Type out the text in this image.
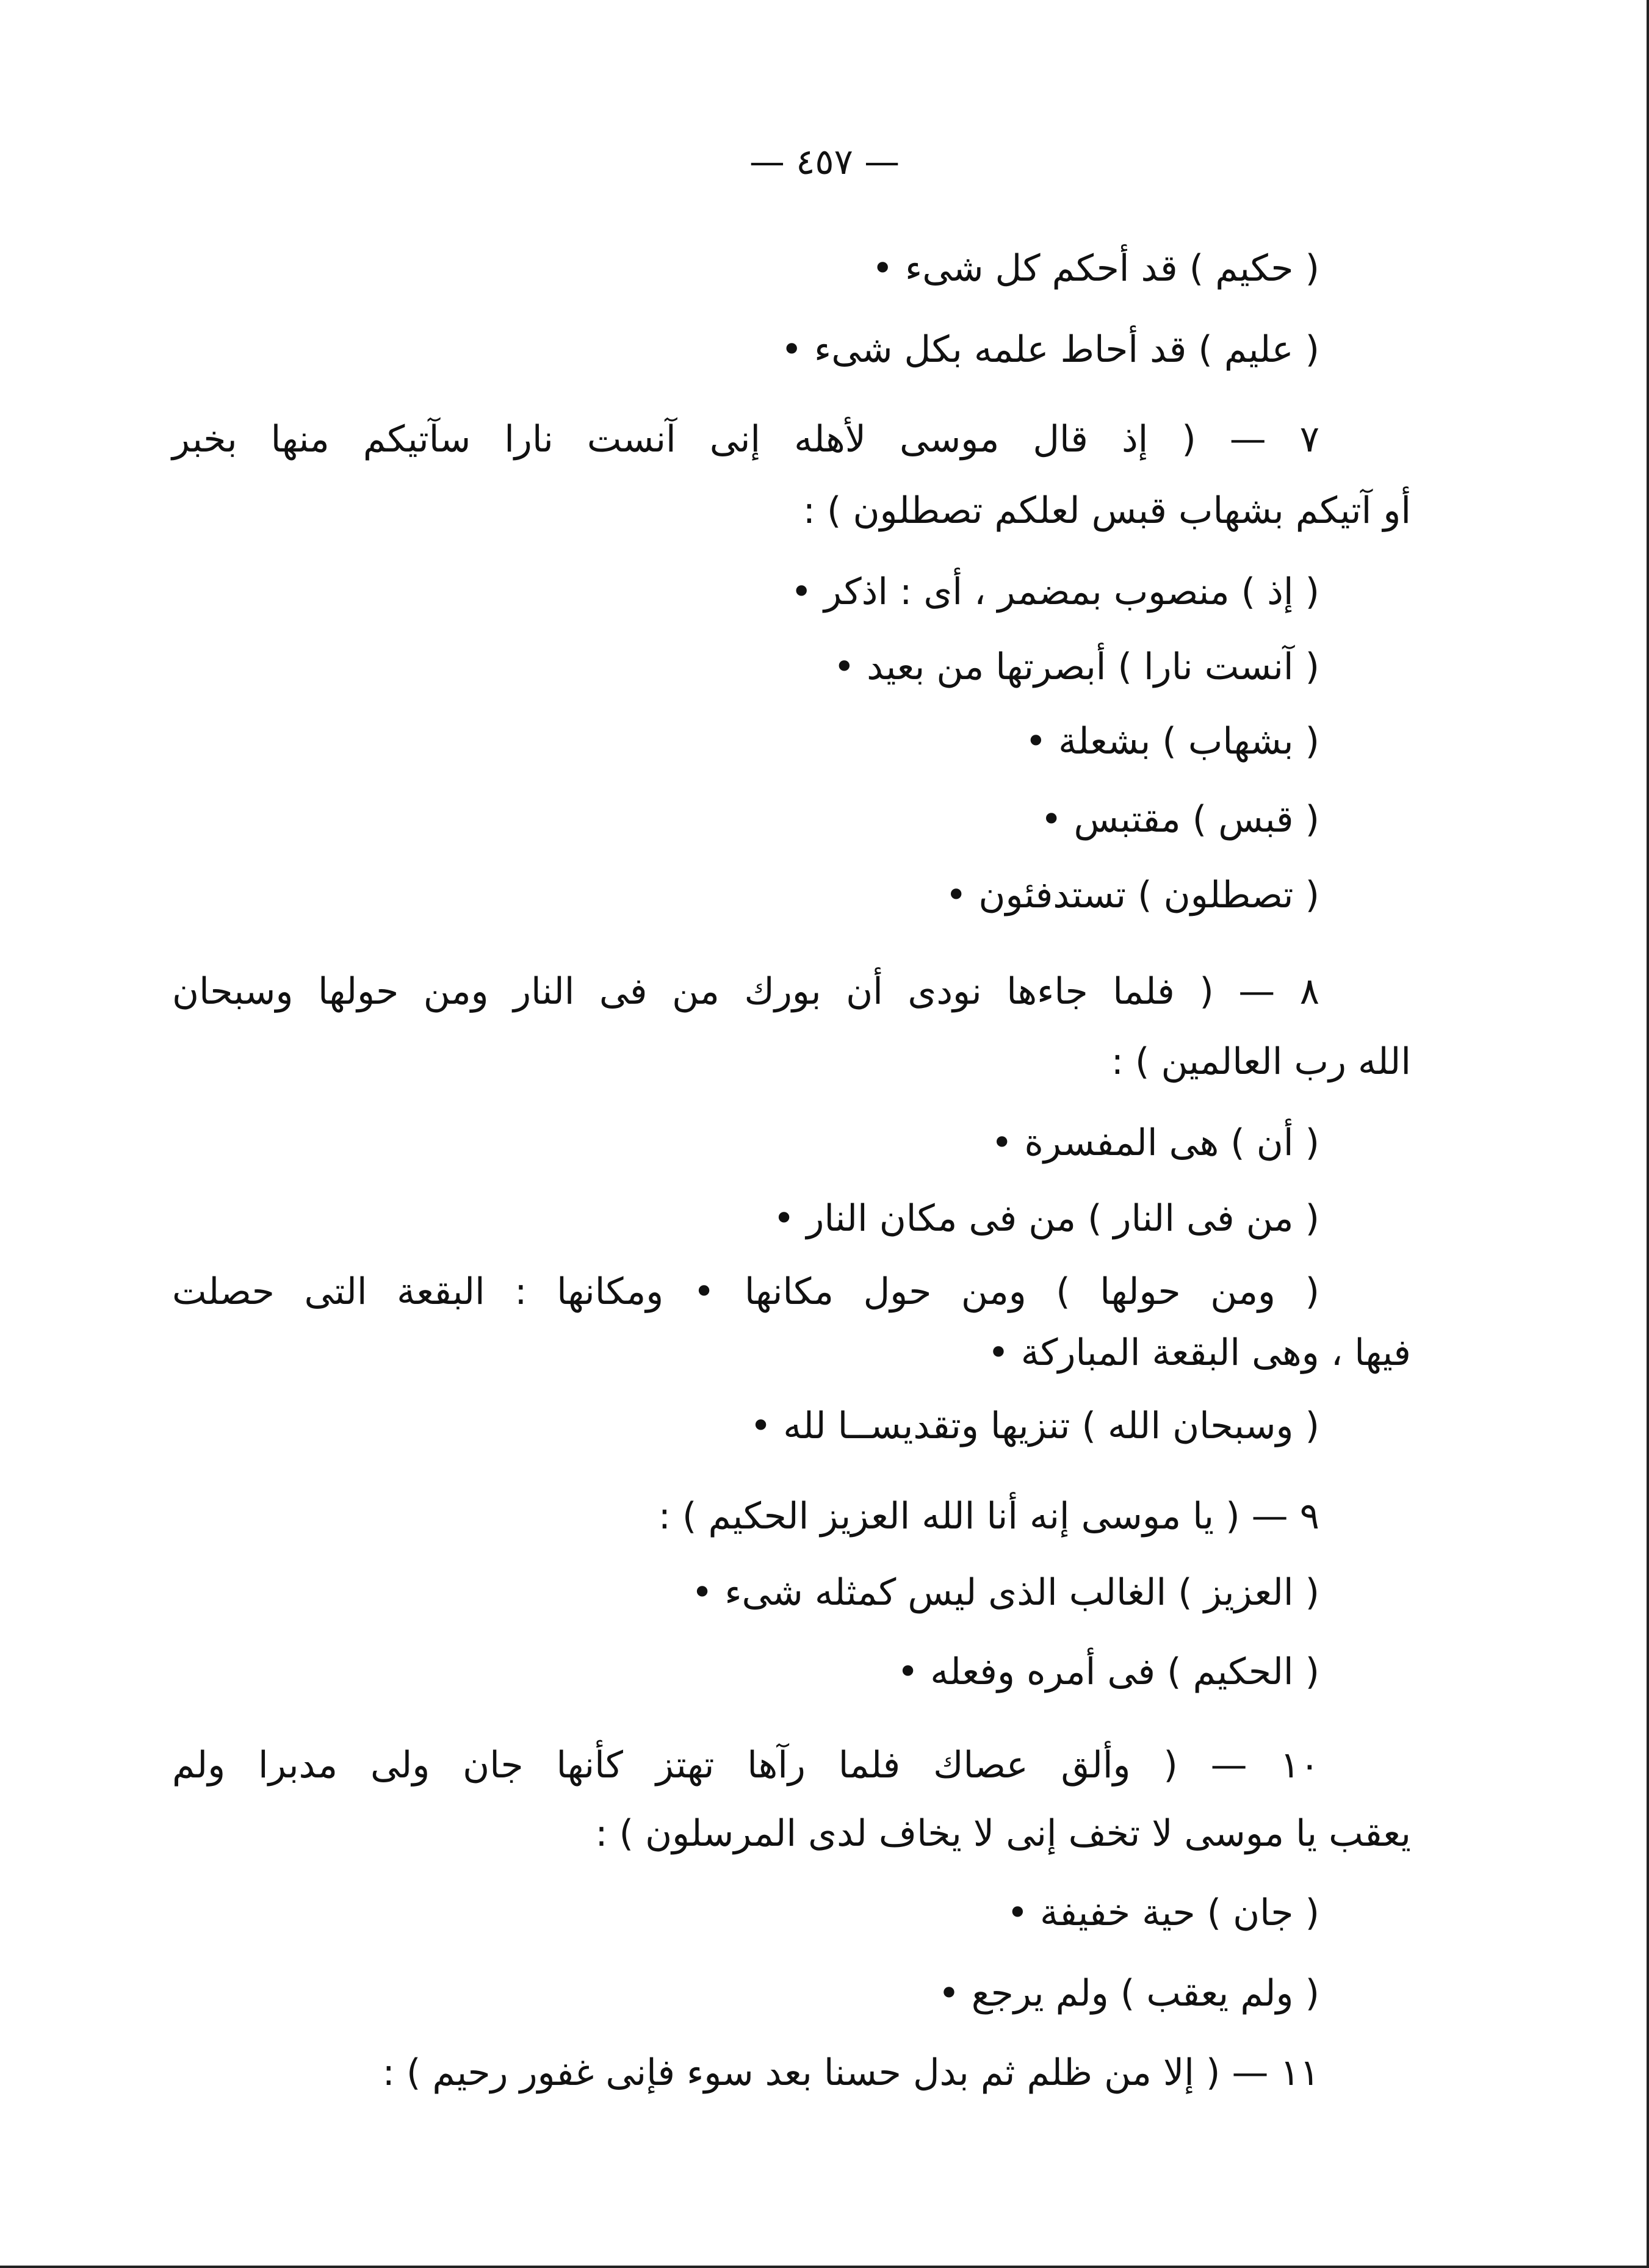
— ٤٥٧ —
( حكيم ) قد أحكم كل شىء •
( عليم ) قد أحاط علمه بكل شىء •
٧ — ( إذ قال موسى لأهله إنى آنست نارا سآتيكم منها بخبر
أو آتيكم بشهاب قبس لعلكم تصطلون ) :
( إذ ) منصوب بمضمر ، أى : اذكر •
( آنست نارا ) أبصرتها من بعيد •
( بشهاب ) بشعلة •
( قبس ) مقتبس •
( تصطلون ) تستدفئون •
٨ — ( فلما جاءها نودى أن بورك من فى النار ومن حولها وسبحان
الله رب العالمين ) :
( أن ) هى المفسرة •
( من فى النار ) من فى مكان النار •
( ومن حولها ) ومن حول مكانها • ومكانها : البقعة التى حصلت
فيها ، وهى البقعة المباركة •
( وسبحان الله ) تنزيها وتقديســا لله •
٩ — ( يا موسى إنه أنا الله العزيز الحكيم ) :
( العزيز ) الغالب الذى ليس كمثله شىء •
( الحكيم ) فى أمره وفعله •
١٠ — ( وألق عصاك فلما رآها تهتز كأنها جان ولى مدبرا ولم
يعقب يا موسى لا تخف إنى لا يخاف لدى المرسلون ) :
( جان ) حية خفيفة •
( ولم يعقب ) ولم يرجع •
١١ — ( إلا من ظلم ثم بدل حسنا بعد سوء فإنى غفور رحيم ) :
